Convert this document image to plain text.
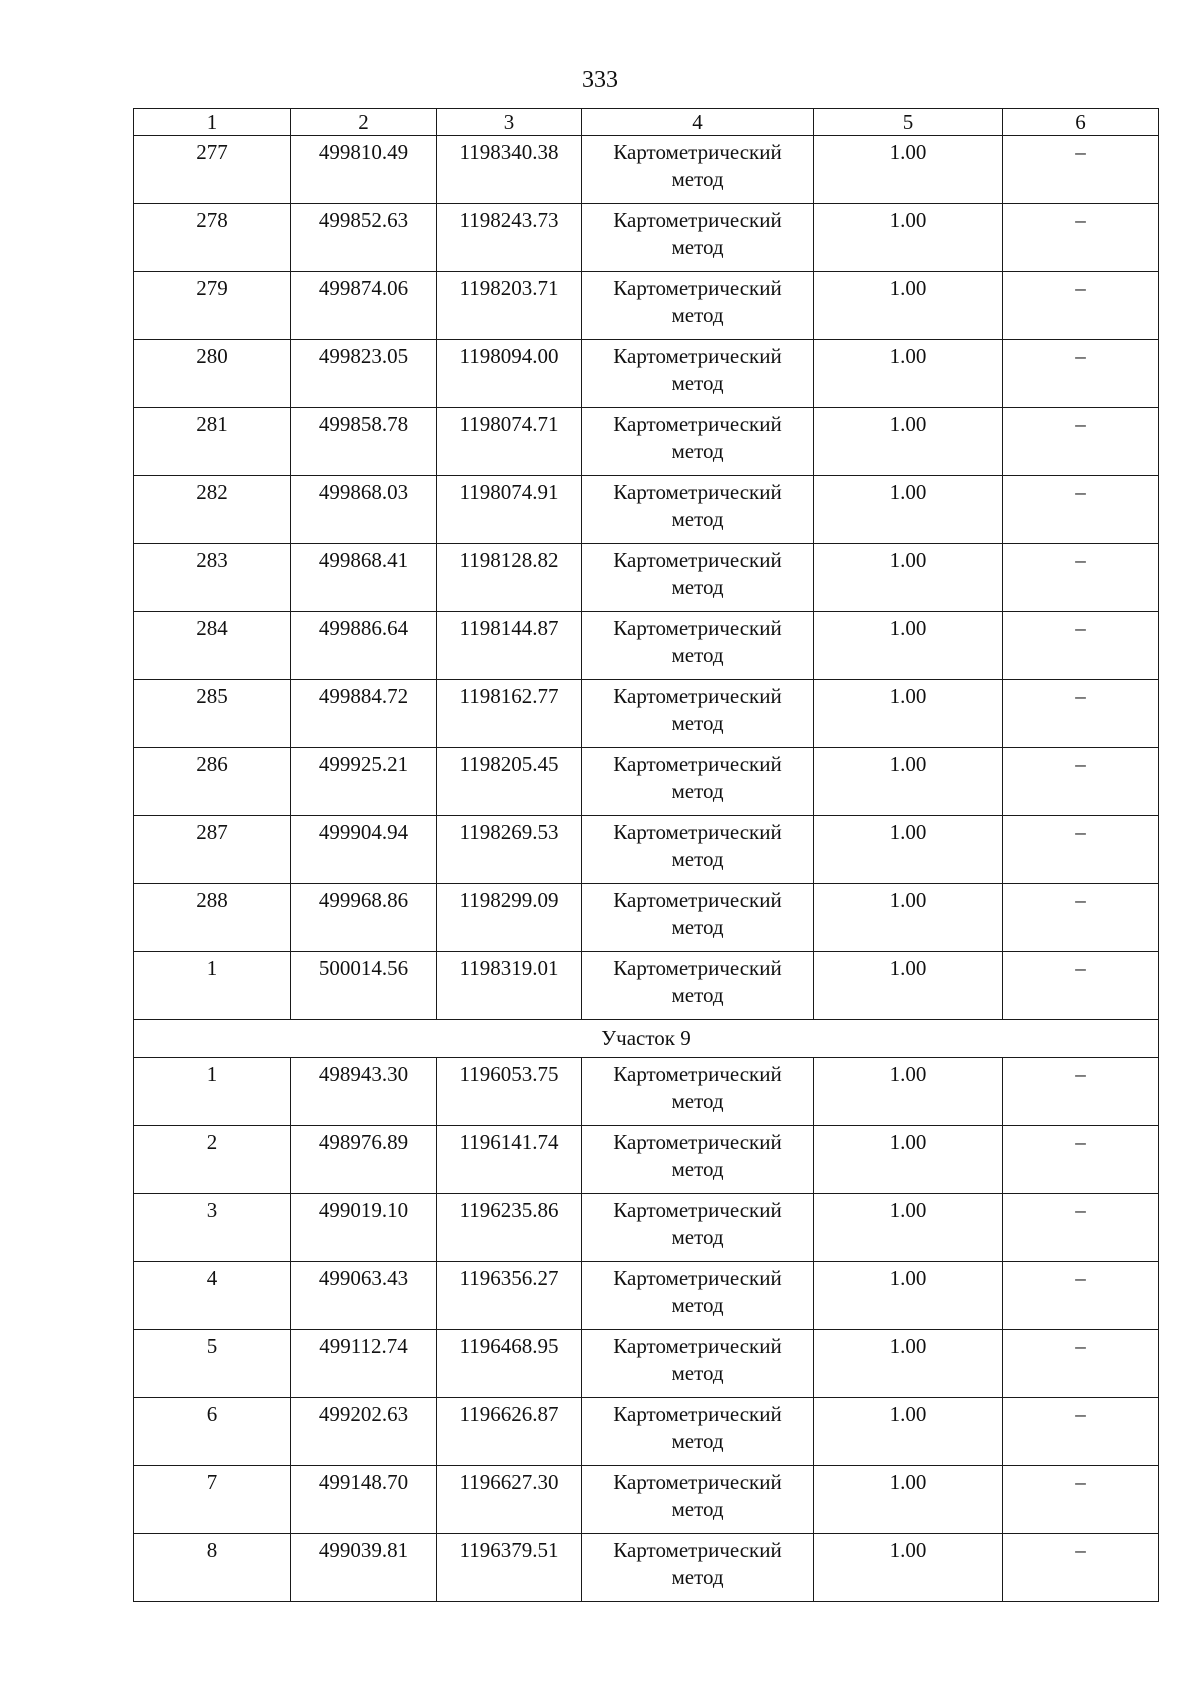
333
1	2	3	4	5	6
277	499810.49	1198340.38	Картометрический метод	1.00	–
278	499852.63	1198243.73	Картометрический метод	1.00	–
279	499874.06	1198203.71	Картометрический метод	1.00	–
280	499823.05	1198094.00	Картометрический метод	1.00	–
281	499858.78	1198074.71	Картометрический метод	1.00	–
282	499868.03	1198074.91	Картометрический метод	1.00	–
283	499868.41	1198128.82	Картометрический метод	1.00	–
284	499886.64	1198144.87	Картометрический метод	1.00	–
285	499884.72	1198162.77	Картометрический метод	1.00	–
286	499925.21	1198205.45	Картометрический метод	1.00	–
287	499904.94	1198269.53	Картометрический метод	1.00	–
288	499968.86	1198299.09	Картометрический метод	1.00	–
1	500014.56	1198319.01	Картометрический метод	1.00	–
Участок 9					
1	498943.30	1196053.75	Картометрический метод	1.00	–
2	498976.89	1196141.74	Картометрический метод	1.00	–
3	499019.10	1196235.86	Картометрический метод	1.00	–
4	499063.43	1196356.27	Картометрический метод	1.00	–
5	499112.74	1196468.95	Картометрический метод	1.00	–
6	499202.63	1196626.87	Картометрический метод	1.00	–
7	499148.70	1196627.30	Картометрический метод	1.00	–
8	499039.81	1196379.51	Картометрический метод	1.00	–
